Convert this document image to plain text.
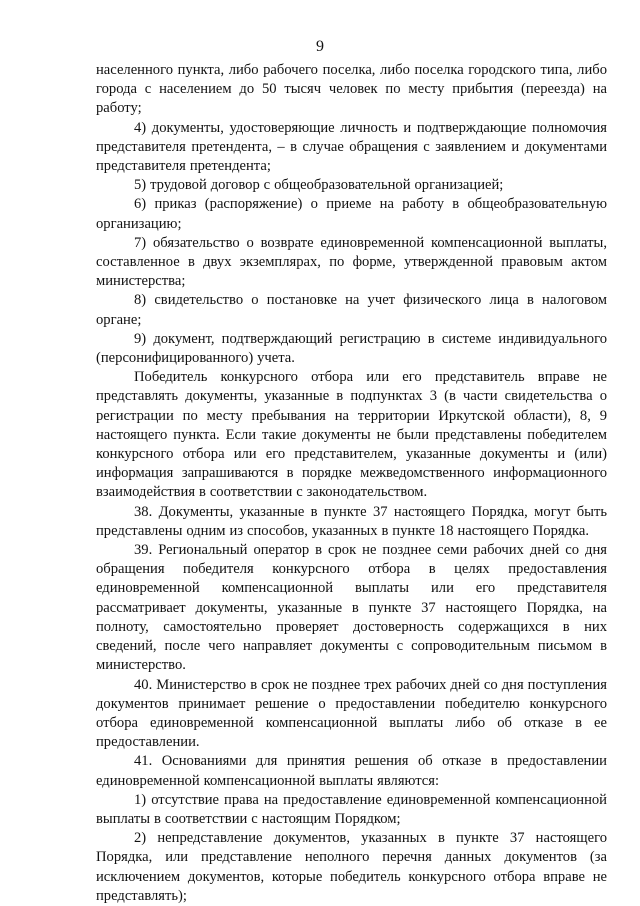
9

населенного пункта, либо рабочего поселка, либо поселка городского типа, либо города с населением до 50 тысяч человек по месту прибытия (переезда) на работу;

4) документы, удостоверяющие личность и подтверждающие полномочия представителя претендента, – в случае обращения с заявлением и документами представителя претендента;

5) трудовой договор с общеобразовательной организацией;

6) приказ (распоряжение) о приеме на работу в общеобразовательную организацию;

7) обязательство о возврате единовременной компенсационной выплаты, составленное в двух экземплярах, по форме, утвержденной правовым актом министерства;

8) свидетельство о постановке на учет физического лица в налоговом органе;

9) документ, подтверждающий регистрацию в системе индивидуального (персонифицированного) учета.

Победитель конкурсного отбора или его представитель вправе не представлять документы, указанные в подпунктах 3 (в части свидетельства о регистрации по месту пребывания на территории Иркутской области), 8, 9 настоящего пункта. Если такие документы не были представлены победителем конкурсного отбора или его представителем, указанные документы и (или) информация запрашиваются в порядке межведомственного информационного взаимодействия в соответствии с законодательством.

38. Документы, указанные в пункте 37 настоящего Порядка, могут быть представлены одним из способов, указанных в пункте 18 настоящего Порядка.

39. Региональный оператор в срок не позднее семи рабочих дней со дня обращения победителя конкурсного отбора в целях предоставления единовременной компенсационной выплаты или его представителя рассматривает документы, указанные в пункте 37 настоящего Порядка, на полноту, самостоятельно проверяет достоверность содержащихся в них сведений, после чего направляет документы с сопроводительным письмом в министерство.

40. Министерство в срок не позднее трех рабочих дней со дня поступления документов принимает решение о предоставлении победителю конкурсного отбора единовременной компенсационной выплаты либо об отказе в ее предоставлении.

41. Основаниями для принятия решения об отказе в предоставлении единовременной компенсационной выплаты являются:

1) отсутствие права на предоставление единовременной компенсационной выплаты в соответствии с настоящим Порядком;

2) непредставление документов, указанных в пункте 37 настоящего Порядка, или представление неполного перечня данных документов (за исключением документов, которые победитель конкурсного отбора вправе не представлять);
